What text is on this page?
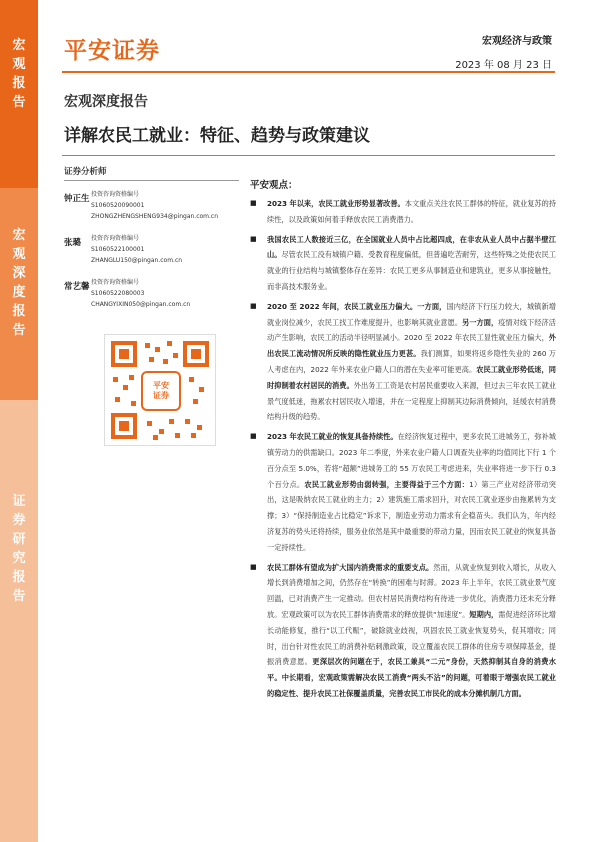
宏观报告
宏观深度报告
证券研究报告
平安证券	宏观经济与政策
2023 年 08 月 23 日
宏观深度报告
详解农民工就业：特征、趋势与政策建议
证券分析师
钟正生 投资咨询资格编号
S1060520090001
ZHONGZHENGSHENG934@pingan.com.cn
张璐	投资咨询资格编号
S1060522100001
ZHANGLU150@pingan.com.cn
常艺馨 投资咨询资格编号
S1060522080003
CHANGYIXIN050@pingan.com.cn
平安
证券
平安观点：
■ 2023 年以来，农民工就业形势显著改善。本文重点关注农民工群体的特征，就业复苏的持续性，以及政策如何着手释放农民工消费潜力。
■ 我国农民工人数接近三亿，在全国就业人员中占比超四成，在非农从业人员中占据半壁江山。尽管农民工没有城镇户籍、受教育程度偏低，但普遍吃苦耐劳，这些特殊之处使农民工就业的行业结构与城镇整体存在差异：农民工更多从事制造业和建筑业，更多从事接触性，而非高技术服务业。
■ 2020 至 2022 年间，农民工就业压力偏大。一方面，国内经济下行压力较大，城镇新增就业岗位减少，农民工找工作难度提升，也影响其就业意愿。另一方面，疫情对线下经济活动产生影响，农民工的活动半径明显减小。2020 至 2022 年农民工显性就业压力偏大，外出农民工流动情况所反映的隐性就业压力更甚。我们测算，如果将返乡隐性失业的 260 万人考虑在内，2022 年外来农业户籍人口的潜在失业率可能更高。农民工就业形势低迷，同时抑制着农村居民的消费。外出务工工资是农村居民重要收入来源，但过去三年农民工就业景气度低迷，拖累农村居民收入增速，并在一定程度上抑制其边际消费倾向，延缓农村消费结构升级的趋势。
■ 2023 年农民工就业的恢复具备持续性。在经济恢复过程中，更多农民工进城务工，弥补城镇劳动力的供需缺口。2023 年二季度，外来农业户籍人口调查失业率的均值同比下行 1 个百分点至 5.0%，若将“超额”进城务工的 55 万农民工考虑进来，失业率将进一步下行 0.3 个百分点。农民工就业形势由弱转强，主要得益于三个方面：1）第三产业对经济带动突出，这是吸纳农民工就业的主力；2）建筑施工需求回升，对农民工就业逐步由拖累转为支撑；3）“保持制造业占比稳定”诉求下，制造业劳动力需求有企稳苗头。我们认为，年内经济复苏的势头还将持续，服务业依然是其中最重要的带动力量，因而农民工就业的恢复具备一定持续性。
■ 农民工群体有望成为扩大国内消费需求的重要支点。然而，从就业恢复到收入增长，从收入增长到消费增加之间，仍然存在“转换”的困难与时滞。2023 年上半年，农民工就业景气度回温，已对消费产生一定推动。但农村居民消费结构有待进一步优化，消费潜力还未充分释放。宏观政策可以为农民工群体消费需求的释放提供“加速度”。短期内，需促进经济环比增长动能修复，推行“以工代赈”，破除就业歧视，巩固农民工就业恢复势头，促其增收；同时，出台针对性农民工的消费补贴刺激政策，设立覆盖农民工群体的住房专项保障基金，提振消费意愿。更深层次的问题在于，农民工兼具“二元”身份，天然抑制其自身的消费水平。中长期看，宏观政策需解决农民工消费“两头不沾”的问题，可着眼于增强农民工就业的稳定性、提升农民工社保覆盖质量，完善农民工市民化的成本分摊机制几方面。
